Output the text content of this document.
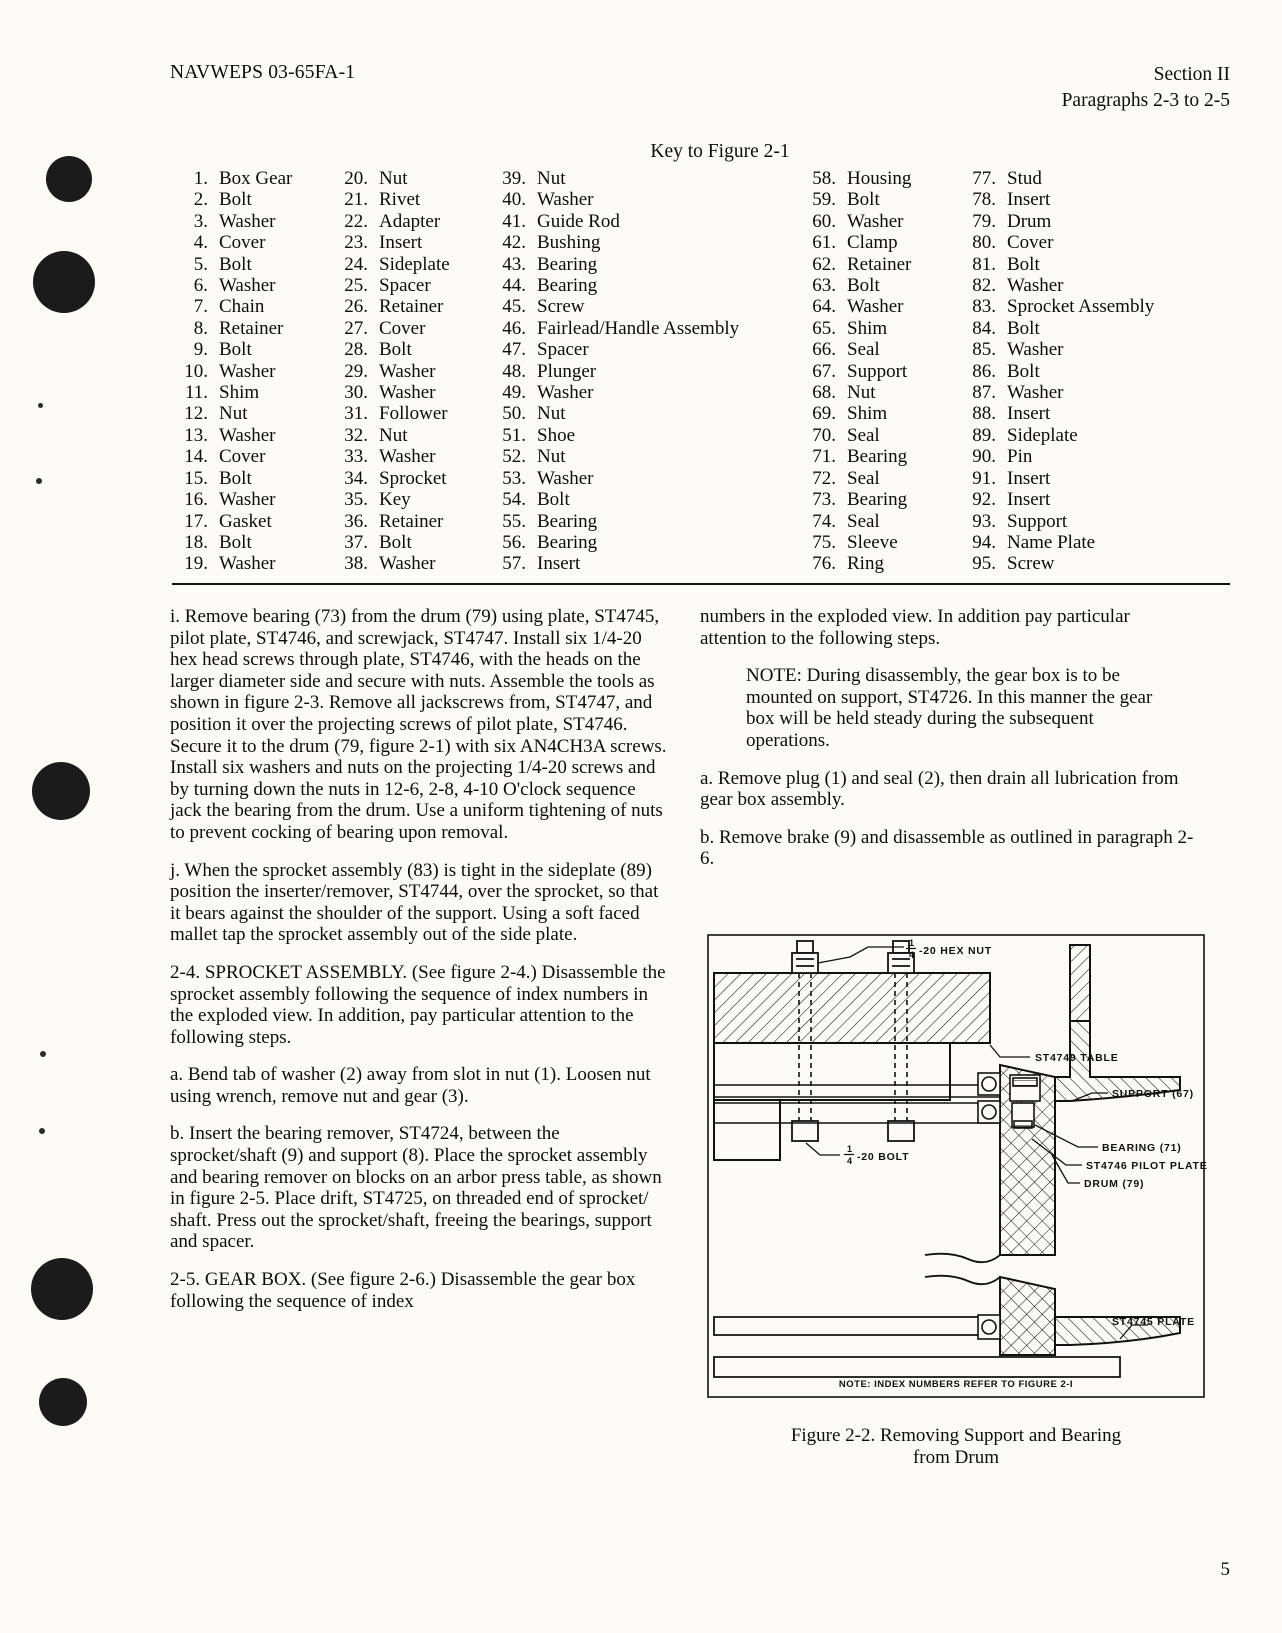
NAVWEPS 03-65FA-1	Section II
Paragraphs 2-3 to 2-5
Key to Figure 2-1
1. Box Gear
2. Bolt
3. Washer
4. Cover
5. Bolt
6. Washer
7. Chain
8. Retainer
9. Bolt
10. Washer
11. Shim
12. Nut
13. Washer
14. Cover
15. Bolt
16. Washer
17. Gasket
18. Bolt
19. Washer
20. Nut
21. Rivet
22. Adapter
23. Insert
24. Sideplate
25. Spacer
26. Retainer
27. Cover
28. Bolt
29. Washer
30. Washer
31. Follower
32. Nut
33. Washer
34. Sprocket
35. Key
36. Retainer
37. Bolt
38. Washer
39. Nut
40. Washer
41. Guide Rod
42. Bushing
43. Bearing
44. Bearing
45. Screw
46. Fairlead/Handle Assembly
47. Spacer
48. Plunger
49. Washer
50. Nut
51. Shoe
52. Nut
53. Washer
54. Bolt
55. Bearing
56. Bearing
57. Insert
58. Housing
59. Bolt
60. Washer
61. Clamp
62. Retainer
63. Bolt
64. Washer
65. Shim
66. Seal
67. Support
68. Nut
69. Shim
70. Seal
71. Bearing
72. Seal
73. Bearing
74. Seal
75. Sleeve
76. Ring
77. Stud
78. Insert
79. Drum
80. Cover
81. Bolt
82. Washer
83. Sprocket Assembly
84. Bolt
85. Washer
86. Bolt
87. Washer
88. Insert
89. Sideplate
90. Pin
91. Insert
92. Insert
93. Support
94. Name Plate
95. Screw

i. Remove bearing (73) from the drum (79) using plate, ST4745, pilot plate, ST4746, and screwjack, ST4747. Install six 1/4-20 hex head screws through plate, ST4746, with the heads on the larger diameter side and secure with nuts. Assemble the tools as shown in figure 2-3. Remove all jackscrews from, ST4747, and position it over the projecting screws of pilot plate, ST4746. Secure it to the drum (79, figure 2-1) with six AN4CH3A screws. Install six washers and nuts on the projecting 1/4-20 screws and by turning down the nuts in 12-6, 2-8, 4-10 O'clock sequence jack the bearing from the drum. Use a uniform tightening of nuts to prevent cocking of bearing upon removal.

j. When the sprocket assembly (83) is tight in the sideplate (89) position the inserter/remover, ST4744, over the sprocket, so that it bears against the shoulder of the support. Using a soft faced mallet tap the sprocket assembly out of the side plate.

2-4. SPROCKET ASSEMBLY. (See figure 2-4.) Disassemble the sprocket assembly following the sequence of index numbers in the exploded view. In addition, pay particular attention to the following steps.

a. Bend tab of washer (2) away from slot in nut (1). Loosen nut using wrench, remove nut and gear (3).

b. Insert the bearing remover, ST4724, between the sprocket/shaft (9) and support (8). Place the sprocket assembly and bearing remover on blocks on an arbor press table, as shown in figure 2-5. Place drift, ST4725, on threaded end of sprocket/ shaft. Press out the sprocket/shaft, freeing the bearings, support and spacer.

2-5. GEAR BOX. (See figure 2-6.) Disassemble the gear box following the sequence of index

numbers in the exploded view. In addition pay particular attention to the following steps.

NOTE: During disassembly, the gear box is to be mounted on support, ST4726. In this manner the gear box will be held steady during the subsequent operations.

a. Remove plug (1) and seal (2), then drain all lubrication from gear box assembly.

b. Remove brake (9) and disassemble as outlined in paragraph 2-6.

1
4 -20 HEX NUT
ST4749 TABLE
SUPPORT (67)
BEARING (71)
ST4746 PILOT PLATE
DRUM (79)
1
4 -20 BOLT
ST4745 PLATE
NOTE: INDEX NUMBERS REFER TO FIGURE 2-I
Figure 2-2. Removing Support and Bearing
from Drum
5
